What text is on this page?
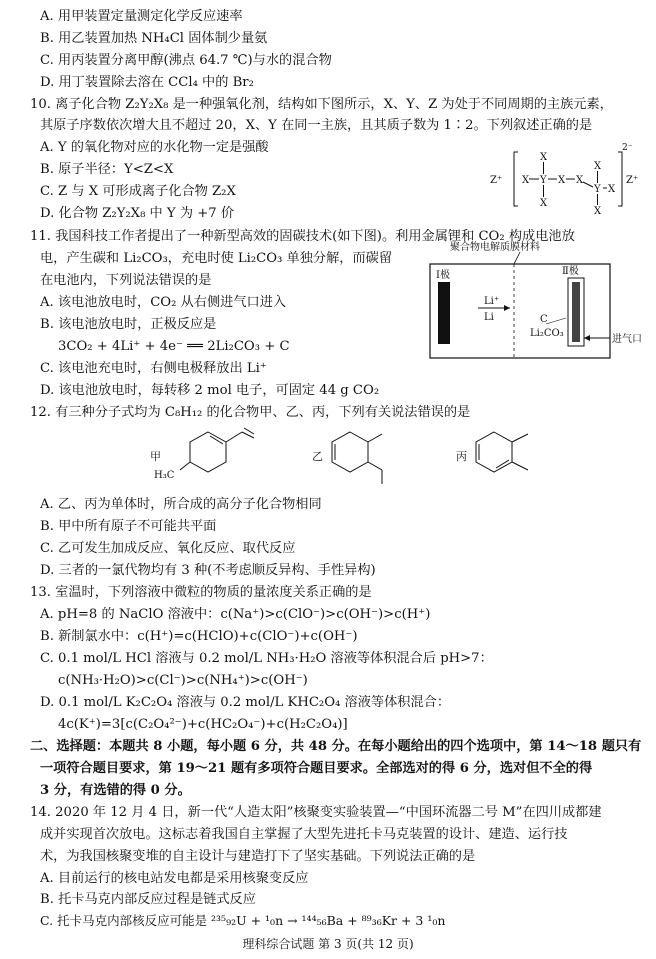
A. 用甲装置定量测定化学反应速率
B. 用乙装置加热 NH₄Cl 固体制少量氨
C. 用丙装置分离甲醇(沸点 64.7 ℃)与水的混合物
D. 用丁装置除去溶在 CCl₄ 中的 Br₂
10. 离子化合物 Z₂Y₂X₈ 是一种强氧化剂，结构如下图所示，X、Y、Z 为处于不同周期的主族元素，
其原子序数依次增大且不超过 20，X、Y 在同一主族，且其质子数为 1∶2。下列叙述正确的是
A. Y 的氧化物对应的水化物一定是强酸
B. 原子半径：Y<Z<X
C. Z 与 X 可形成离子化合物 Z₂X
D. 化合物 Z₂Y₂X₈ 中 Y 为 +7 价
Y
X
X
X	X X
Y
X
X
X
Z⁺	Z⁺
2⁻
11. 我国科技工作者提出了一种新型高效的固碳技术(如下图)。利用金属锂和 CO₂ 构成电池放
电，产生碳和 Li₂CO₃，充电时使 Li₂CO₃ 单独分解，而碳留
在电池内，下列说法错误的是
A. 该电池放电时，CO₂ 从右侧进气口进入
B. 该电池放电时，正极反应是
3CO₂ + 4Li⁺ + 4e⁻ ══ 2Li₂CO₃ + C
C. 该电池充电时，右侧电极释放出 Li⁺
D. 该电池放电时，每转移 2 mol 电子，可固定 44 g CO₂
聚合物电解质膜材料
Ⅰ极	Ⅱ极
Li⁺
Li	C
Li₂CO₃
进气口
12. 有三种分子式均为 C₈H₁₂ 的化合物甲、乙、丙，下列有关说法错误的是
甲
H₃C
乙	丙
A. 乙、丙为单体时，所合成的高分子化合物相同
B. 甲中所有原子不可能共平面
C. 乙可发生加成反应、氧化反应、取代反应
D. 三者的一氯代物均有 3 种(不考虑顺反异构、手性异构)
13. 室温时，下列溶液中微粒的物质的量浓度关系正确的是
A. pH=8 的 NaClO 溶液中：c(Na⁺)>c(ClO⁻)>c(OH⁻)>c(H⁺)
B. 新制氯水中：c(H⁺)=c(HClO)+c(ClO⁻)+c(OH⁻)
C. 0.1 mol/L HCl 溶液与 0.2 mol/L NH₃·H₂O 溶液等体积混合后 pH>7：
c(NH₃·H₂O)>c(Cl⁻)>c(NH₄⁺)>c(OH⁻)
D. 0.1 mol/L K₂C₂O₄ 溶液与 0.2 mol/L KHC₂O₄ 溶液等体积混合：
4c(K⁺)=3[c(C₂O₄²⁻)+c(HC₂O₄⁻)+c(H₂C₂O₄)]
二、选择题：本题共 8 小题，每小题 6 分，共 48 分。在每小题给出的四个选项中，第 14～18 题只有
一项符合题目要求，第 19～21 题有多项符合题目要求。全部选对的得 6 分，选对但不全的得
3 分，有选错的得 0 分。
14. 2020 年 12 月 4 日，新一代“人造太阳”核聚变实验装置—“中国环流器二号 M”在四川成都建
成并实现首次放电。这标志着我国自主掌握了大型先进托卡马克装置的设计、建造、运行技
术，为我国核聚变堆的自主设计与建造打下了坚实基础。下列说法正确的是
A. 目前运行的核电站发电都是采用核聚变反应
B. 托卡马克内部反应过程是链式反应
C. 托卡马克内部核反应可能是 ²³⁵₉₂U + ¹₀n → ¹⁴⁴₅₆Ba + ⁸⁹₃₆Kr + 3 ¹₀n
理科综合试题 第 3 页(共 12 页)
